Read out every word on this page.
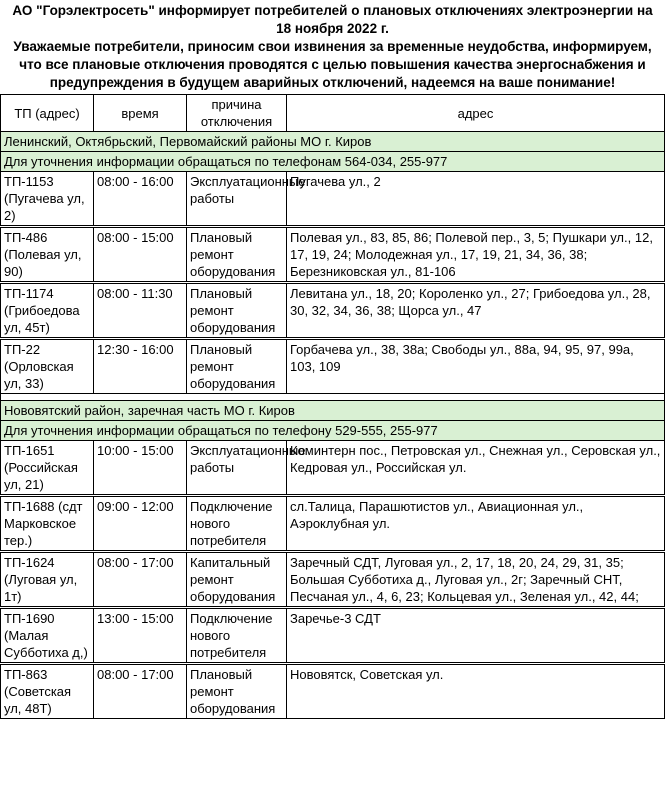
АО "Горэлектросеть" информирует потребителей о плановых отключениях электроэнергии на
18 ноября 2022 г.
Уважаемые потребители, приносим свои извинения за временные неудобства, информируем,
что все плановые отключения проводятся с целью повышения качества энергоснабжения и
предупреждения в будущем аварийных отключений, надеемся на ваше понимание!
ТП (адрес)	время	причина отключения	адрес
Ленинский, Октябрьский, Первомайский районы МО г. Киров			
Для уточнения информации обращаться по телефонам 564-034, 255-977			
ТП-1153 (Пугачева ул, 2)	08:00 - 16:00	Эксплуатационные работы	Пугачева ул., 2
ТП-486 (Полевая ул, 90)	08:00 - 15:00	Плановый ремонт оборудования	Полевая ул., 83, 85, 86; Полевой пер., 3, 5; Пушкари ул., 12, 17, 19, 24; Молодежная ул., 17, 19, 21, 34, 36, 38; Березниковская ул., 81-106
ТП-1174 (Грибоедова ул, 45т)	08:00 - 11:30	Плановый ремонт оборудования	Левитана ул., 18, 20; Короленко ул., 27; Грибоедова ул., 28, 30, 32, 34, 36, 38; Щорса ул., 47
ТП-22 (Орловская ул, 33)	12:30 - 16:00	Плановый ремонт оборудования	Горбачева ул., 38, 38а; Свободы ул., 88а, 94, 95, 97, 99а, 103, 109

Нововятский район, заречная часть МО г. Киров			
Для уточнения информации обращаться по телефону 529-555, 255-977			
ТП-1651 (Российская ул, 21)	10:00 - 15:00	Эксплуатационные работы	Коминтерн пос., Петровская ул., Снежная ул., Серовская ул., Кедровая ул., Российская ул.
ТП-1688 (сдт Марковское тер.)	09:00 - 12:00	Подключение нового потребителя	сл.Талица, Парашютистов ул., Авиационная ул., Аэроклубная ул.
ТП-1624 (Луговая ул, 1т)	08:00 - 17:00	Капитальный ремонт оборудования	Заречный СДТ, Луговая ул., 2, 17, 18, 20, 24, 29, 31, 35; Большая Субботиха д., Луговая ул., 2г; Заречный СНТ, Песчаная ул., 4, 6, 23; Кольцевая ул., Зеленая ул., 42, 44;
ТП-1690 (Малая Субботиха д,)	13:00 - 15:00	Подключение нового потребителя	Заречье-3 СДТ
ТП-863 (Советская ул, 48Т)	08:00 - 17:00	Плановый ремонт оборудования	Нововятск, Советская ул.
